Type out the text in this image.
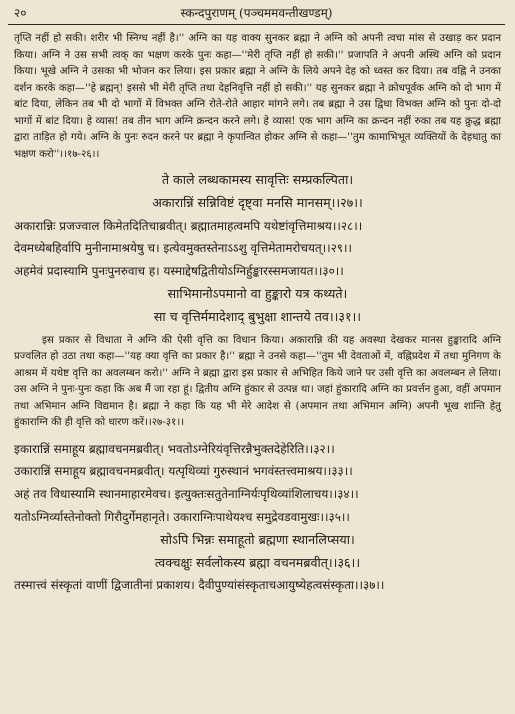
२०	स्कन्दपुराणम् (पञ्चममवन्तीखण्डम्)

तृप्ति नहीं हो सकी। शरीर भी स्निग्ध नहीं है।'' अग्नि का यह वाक्य सुनकर ब्रह्मा ने अग्नि को अपनी त्वचा मांस से उखाड़ कर प्रदान किया। अग्नि ने उस सभी त्वक् का भक्षण करके पुनः कहा—''मेरी तृप्ति नहीं हो सकी।'' प्रजापति ने अपनी अस्थि अग्नि को प्रदान किया। भूखे अग्नि ने उसका भी भोजन कर लिया। इस प्रकार ब्रह्मा ने अग्नि के लिये अपने देह को ध्वस्त कर दिया। तब वह्नि ने उनका दर्शन करके कहा—''हे ब्रह्मन्! इससे भी मेरी तृप्ति तथा देहनिवृत्ति नहीं हो सकी।'' यह सुनकर ब्रह्मा ने क्रोधपूर्वक अग्नि को दो भाग में बांट दिया, लेकिन तब भी दो भागों में विभक्त अग्नि रोते-रोते आहार मांगने लगे। तब ब्रह्मा ने उस द्विधा विभक्त अग्नि को पुनः दो-दो भागों में बांट दिया। हे व्यास! तब तीन भाग अग्नि क्रन्दन करने लगे। हे व्यास! एक भाग अग्नि का क्रन्दन नहीं रुका तब यह क्रुद्ध ब्रह्मा द्वारा ताड़ित हो गये। अग्नि के पुनः रुदन करने पर ब्रह्मा ने कृपान्वित होकर अग्नि से कहा—''तुम कामाभिभूत व्यक्तियों के देहधातु का भक्षण करो''।।१७-२६।।

ते काले लब्धकामस्य सावृत्तिः सम्प्रकल्पिता।

अकारान्निं सन्निविष्टं दृष्ट्वा मनसि मानसम्।।२७।।

अकारान्निः प्रजज्वाल किमेतदितिचाब्रवीत्। ब्रह्मातमाहत्वमपि यथेष्टांवृत्तिमाश्रय।।२८।।

देवमध्येबहिर्वापि मुनीनामाश्रयेषु च। इत्येवमुक्तस्तेनाऽऽशु वृत्तिमेतामरोचयत्।।२९।।

अहमेवं प्रदास्यामि पुनःपुनरुवाच ह। यस्माद्देषद्वितीयोऽग्निर्हुङ्कारस्समजायत।।३०।।

साभिमानोऽपमानो वा हुङ्कारो यत्र कथ्यते।

सा च वृत्तिर्ममादेशाद् बुभुक्षा शान्तये तव।।३१।।

इस प्रकार से विधाता ने अग्नि की ऐसी वृत्ति का विधान किया। अकारान्नि की यह अवस्था देखकर मानस हुङ्कारादि अग्नि प्रज्वलित हो उठा तथा कहा—''यह क्या वृत्ति का प्रकार है।'' ब्रह्मा ने उनसे कहा—''तुम भी देवताओं में, वह्निप्रदेश में तथा मुनिगण के आश्रम में यथेष्ट वृत्ति का अवलम्बन करो।'' अग्नि ने ब्रह्मा द्वारा इस प्रकार से अभिहित किये जाने पर उसी वृत्ति का अवलम्बन ले लिया। उस अग्नि ने पुनः-पुनः कहा कि अब मैं जा रहा हूं। द्वितीय अग्नि हुंकार से उत्पन्न था। जहां हुंकारादि अग्नि का प्रवर्त्तन हुआ, वहीं अपमान तथा अभिमान अग्नि विद्यमान है। ब्रह्मा ने कहा कि यह भी मेरे आदेश से (अपमान तथा अभिमान अग्नि) अपनी भूख शान्ति हेतु हुंकाराग्नि की ही वृत्ति को धारण करें।।२७-३१।।

इकारान्निं समाहूय ब्रह्मावचनमब्रवीत्। भवतोऽग्नेरियंवृत्तिरन्नैभुक्तदेहेरिति।।३२।।

उकारान्निं समाहूय ब्रह्मावचनमब्रवीत्। यत्पृथिव्यां गुरुस्थानं भगवंस्तत्त्वमाश्रय।।३३।।

अहं तव विधास्यामि स्थानमाहारमेवच। इत्युक्तःसतुतेनाग्निर्यःपृथिव्यांशिलाचय।।३४।।

यतोऽग्निर्व्यास्तेनोक्तो गिरौदुर्गेमहानृते। उकाराग्निःपाथेयश्च समुद्रेवडवामुखः।।३५।।

सोऽपि भिन्नः समाहूतो ब्रह्मणा स्थानलिप्सया।

त्वक्चक्षुः सर्वलोकस्य ब्रह्मा वचनमब्रवीत्।।३६।।

तस्मात्त्वं संस्कृतां वाणीं द्विजातीनां प्रकाशय। दैवीपुण्यांसंस्कृताचआयुष्येहत्वसंस्कृता।।३७।।
